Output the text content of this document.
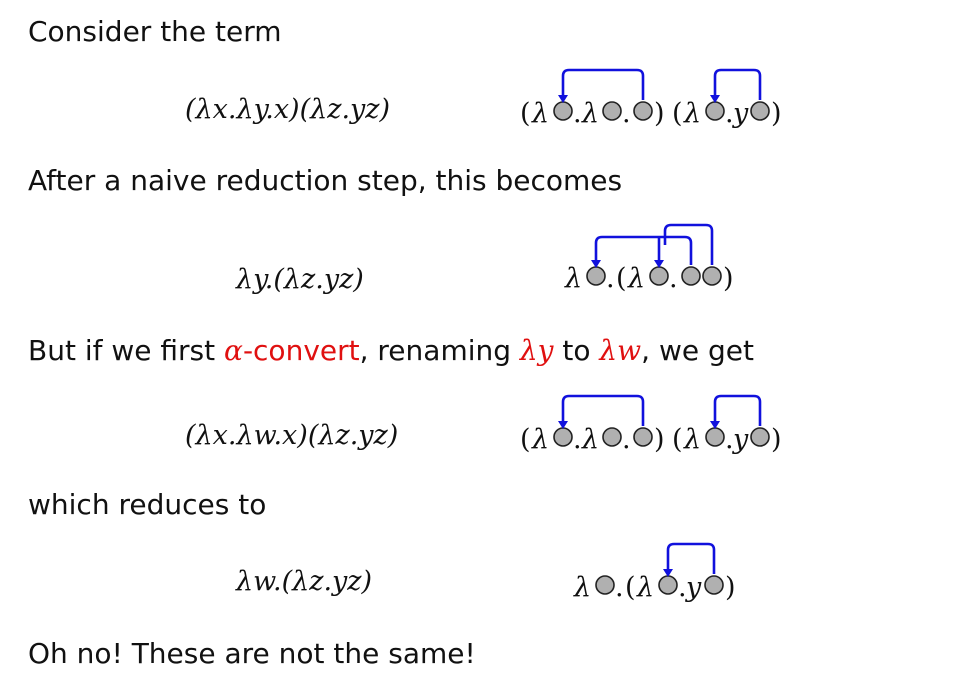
Consider the term
After a naive reduction step, this becomes
But if we first α-convert, renaming λy to λw, we get
which reduces to
Oh no! These are not the same!
(λx.λy.x)(λz.yz)
λy.(λz.yz)
(λx.λw.x)(λz.yz)
λw.(λz.yz)
( λ . λ . ) ( λ . y )
λ . ( λ . )
( λ . λ . ) ( λ . y )
λ . ( λ . y )
